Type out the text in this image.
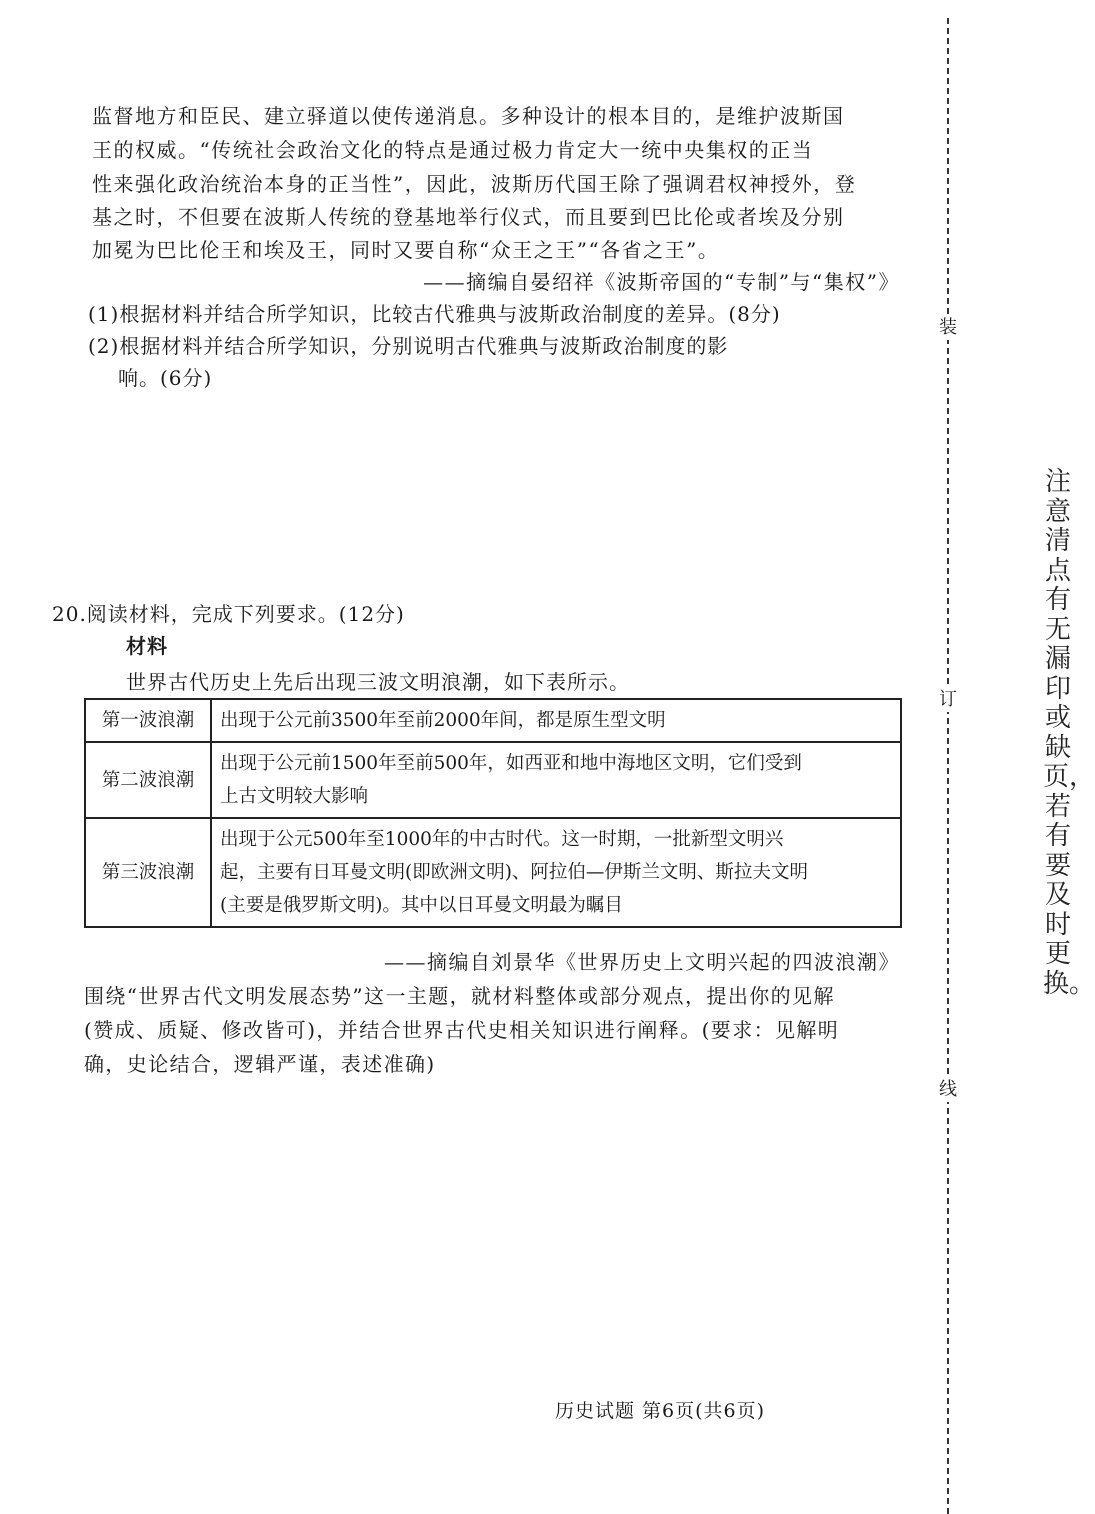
监督地方和臣民、建立驿道以使传递消息。多种设计的根本目的，是维护波斯国
王的权威。“传统社会政治文化的特点是通过极力肯定大一统中央集权的正当
性来强化政治统治本身的正当性”，因此，波斯历代国王除了强调君权神授外，登
基之时，不但要在波斯人传统的登基地举行仪式，而且要到巴比伦或者埃及分别
加冕为巴比伦王和埃及王，同时又要自称“众王之王”“各省之王”。
——摘编自晏绍祥《波斯帝国的“专制”与“集权”》
(1)根据材料并结合所学知识，比较古代雅典与波斯政治制度的差异。(8分)
(2)根据材料并结合所学知识，分别说明古代雅典与波斯政治制度的影
响。(6分)
20.阅读材料，完成下列要求。(12分)
材料
世界古代历史上先后出现三波文明浪潮，如下表所示。
第一波浪潮	出现于公元前3500年至前2000年间，都是原生型文明

第二波浪潮	出现于公元前1500年至前500年，如西亚和地中海地区文明，它们受到
上古文明较大影响

第三波浪潮	出现于公元500年至1000年的中古时代。这一时期，一批新型文明兴
起，主要有日耳曼文明(即欧洲文明)、阿拉伯—伊斯兰文明、斯拉夫文明
(主要是俄罗斯文明)。其中以日耳曼文明最为瞩目
——摘编自刘景华《世界历史上文明兴起的四波浪潮》
围绕“世界古代文明发展态势”这一主题，就材料整体或部分观点，提出你的见解
(赞成、质疑、修改皆可)，并结合世界古代史相关知识进行阐释。(要求：见解明
确，史论结合，逻辑严谨，表述准确)
装
订
线
注意清点有无漏印或缺页，若有要及时更换。
历史试题 第6页(共6页)
